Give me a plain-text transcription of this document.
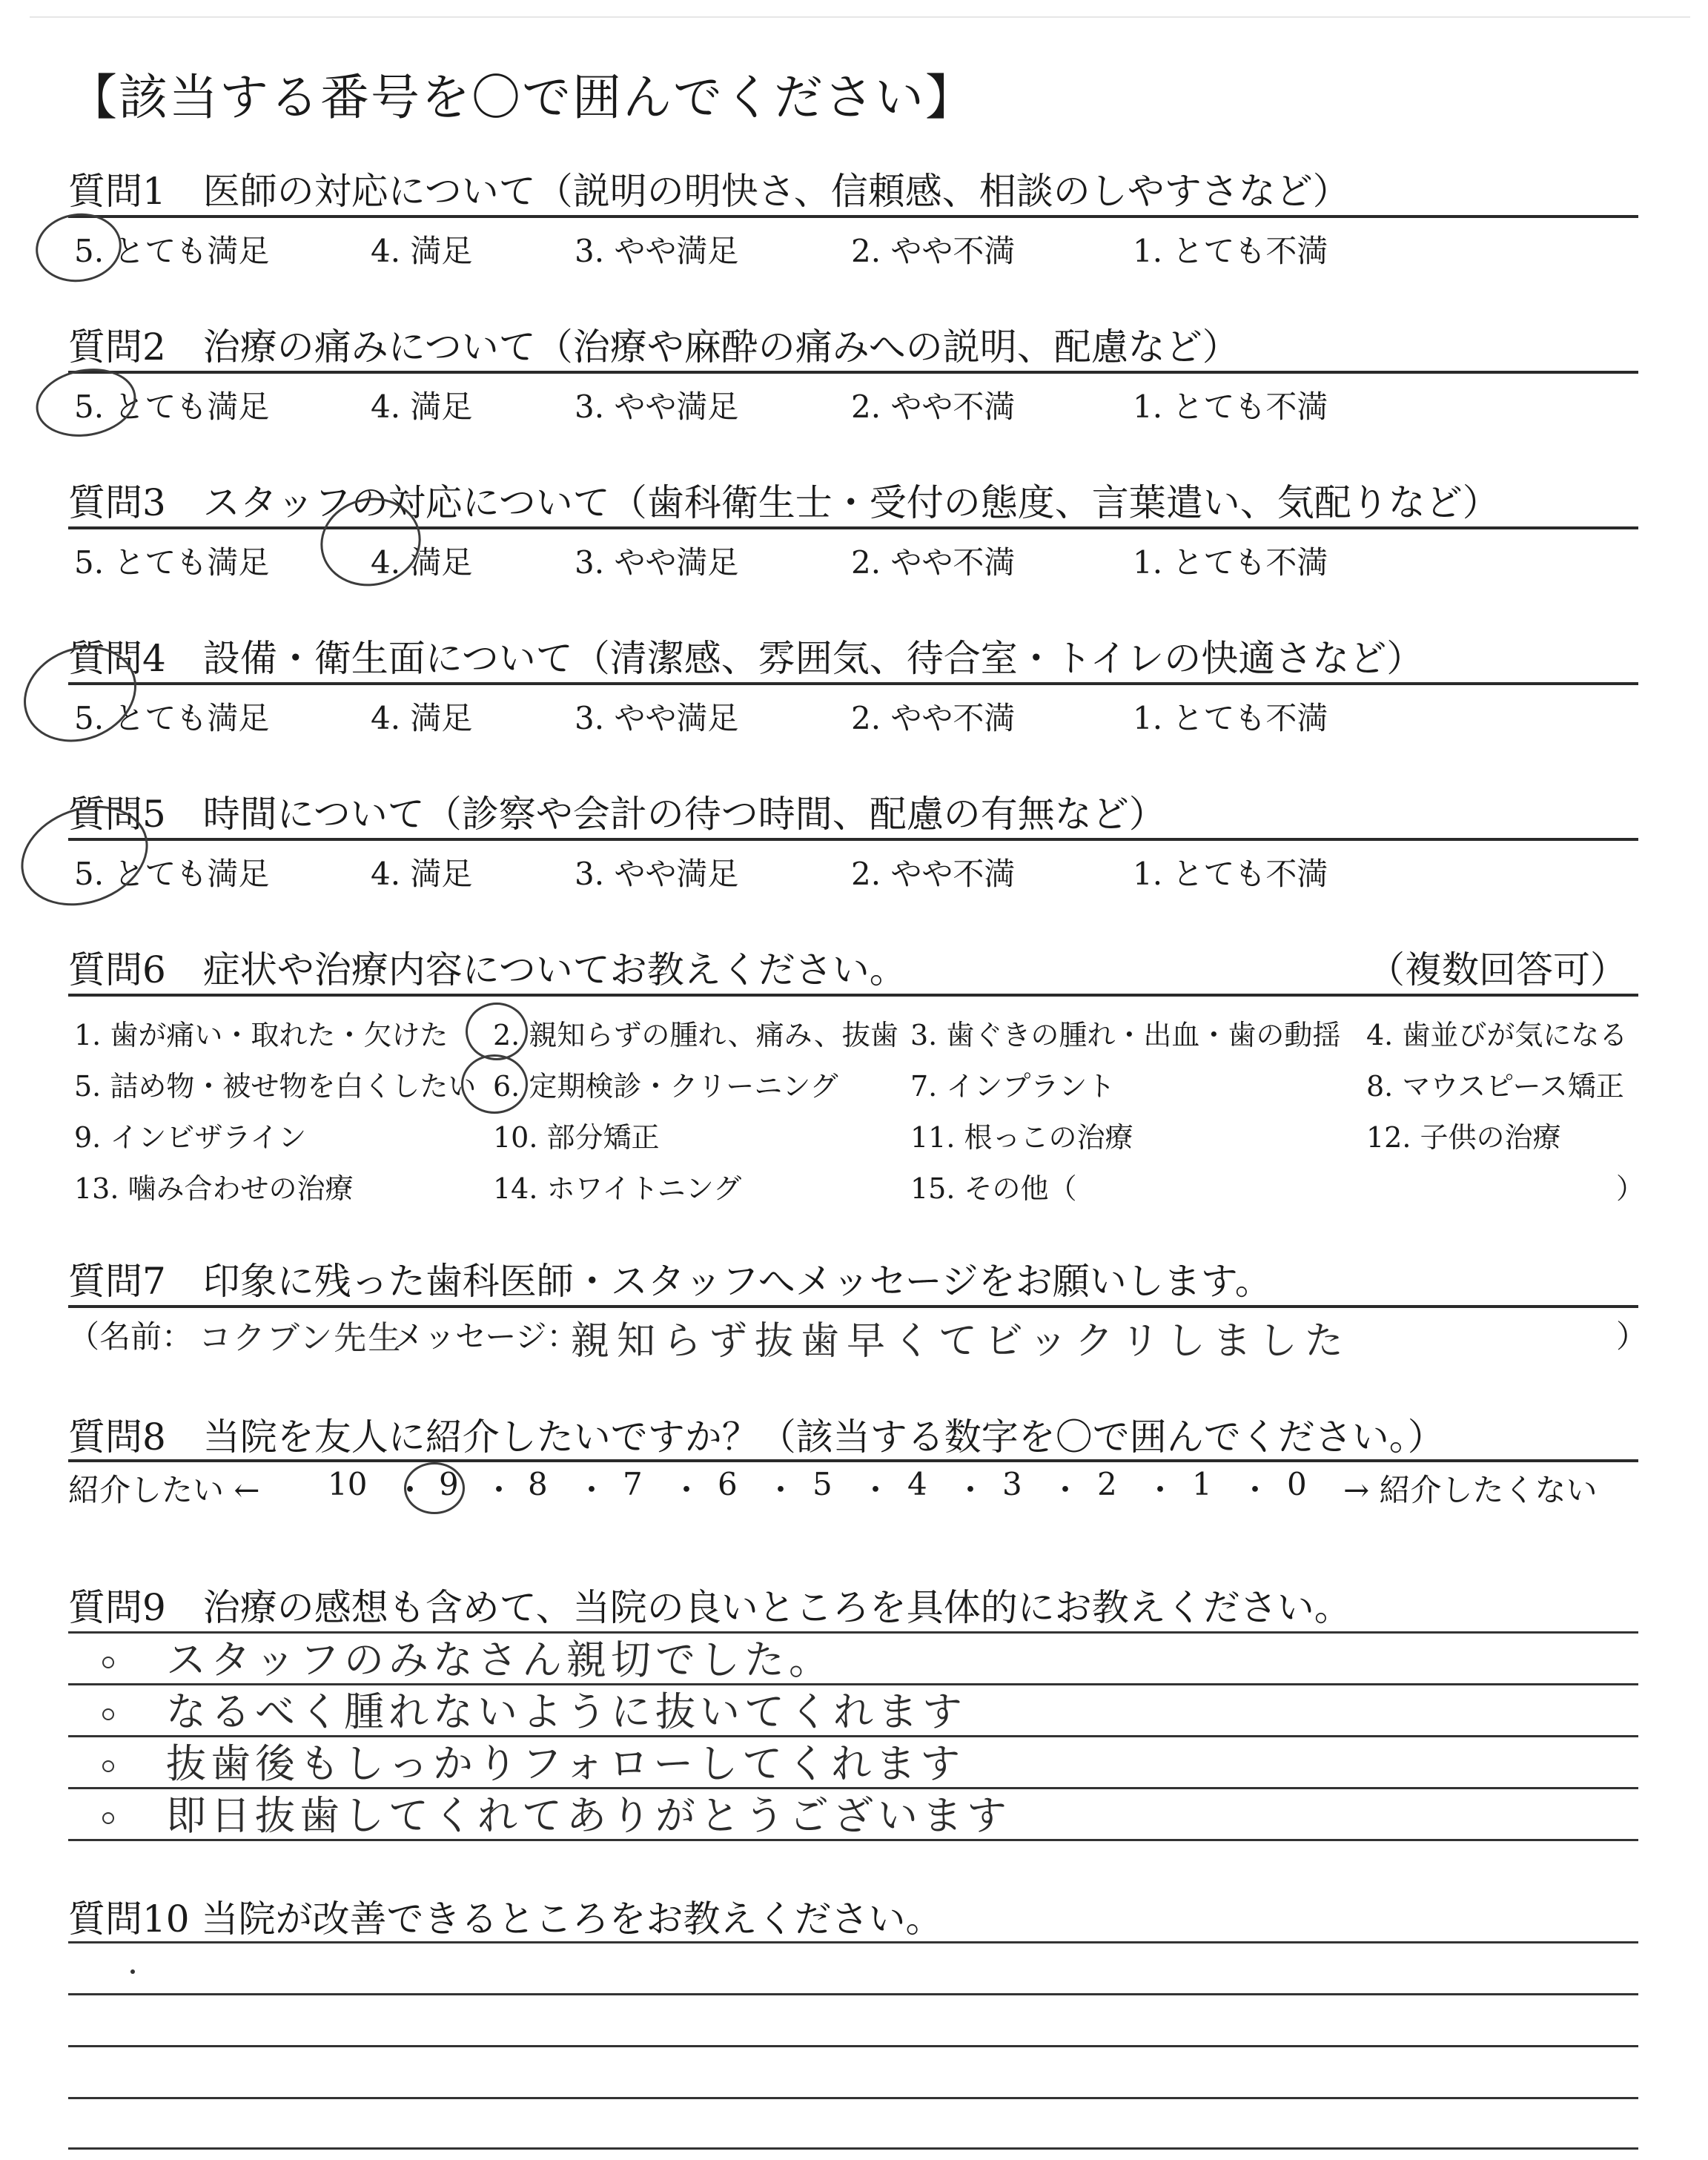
【該当する番号を〇で囲んでください】
質問1　医師の対応について（説明の明快さ、信頼感、相談のしやすさなど）
5. とても満足	4. 満足	3. やや満足	2. やや不満	1. とても不満
質問2　治療の痛みについて（治療や麻酔の痛みへの説明、配慮など）
5. とても満足	4. 満足	3. やや満足	2. やや不満	1. とても不満
質問3　スタッフの対応について（歯科衛生士・受付の態度、言葉遣い、気配りなど）
5. とても満足	4. 満足	3. やや満足	2. やや不満	1. とても不満
質問4　設備・衛生面について（清潔感、雰囲気、待合室・トイレの快適さなど）
5. とても満足	4. 満足	3. やや満足	2. やや不満	1. とても不満
質問5　時間について（診察や会計の待つ時間、配慮の有無など）
5. とても満足	4. 満足	3. やや満足	2. やや不満	1. とても不満
質問6　症状や治療内容についてお教えください。	（複数回答可）
1. 歯が痛い・取れた・欠けた 2. 親知らずの腫れ、痛み、抜歯 3. 歯ぐきの腫れ・出血・歯の動揺 4. 歯並びが気になる
5. 詰め物・被せ物を白くしたい 6. 定期検診・クリーニング	7. インプラント	8. マウスピース矯正
9. インビザライン	10. 部分矯正	11. 根っこの治療	12. 子供の治療
13. 噛み合わせの治療	14. ホワイトニング	15. その他（	）
質問7　印象に残った歯科医師・スタッフへメッセージをお願いします。
（名前： コクブン先生
メッセージ：
親知らず抜歯早くてビックリしました	）
質問8　当院を友人に紹介したいですか？（該当する数字を〇で囲んでください。）
紹介したい ← 10 ・ 9 ・ 8 ・ 7 ・ 6 ・ 5 ・ 4 ・ 3 ・ 2 ・ 1 ・ 0 → 紹介したくない
質問9　治療の感想も含めて、当院の良いところを具体的にお教えください。
スタッフのみなさん親切でした。
なるべく腫れないように抜いてくれます
抜歯後もしっかりフォローしてくれます
即日抜歯してくれてありがとうございます
質問10 当院が改善できるところをお教えください。
